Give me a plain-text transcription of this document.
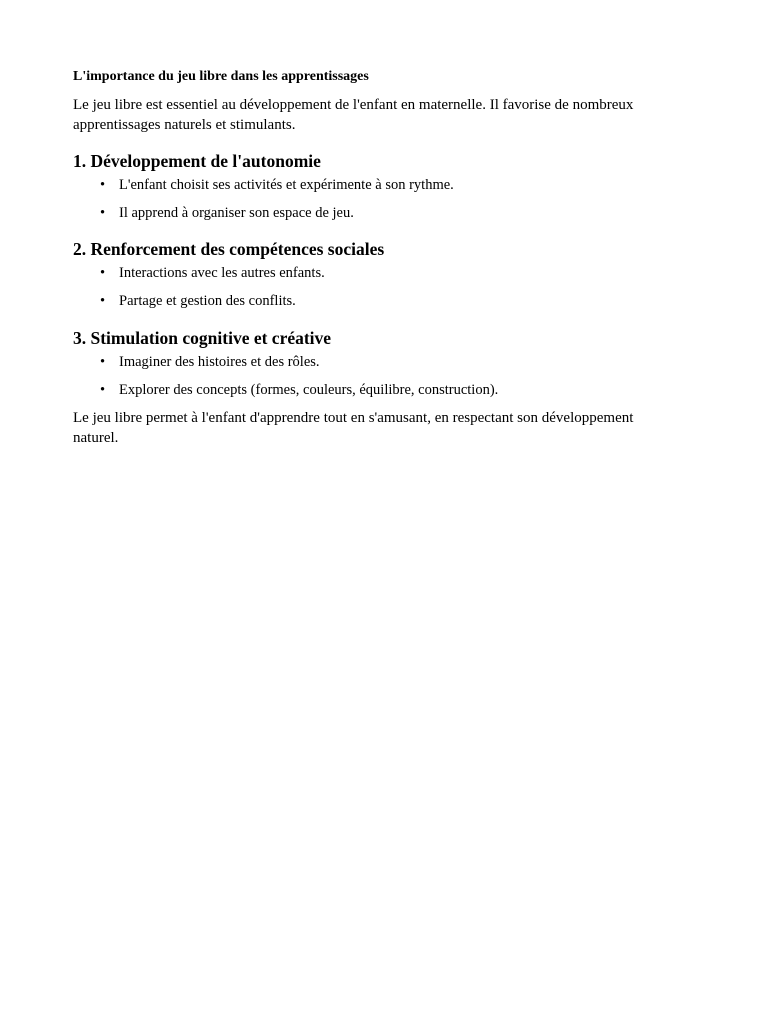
L'importance du jeu libre dans les apprentissages

Le jeu libre est essentiel au développement de l'enfant en maternelle. Il favorise de nombreux apprentissages naturels et stimulants.

1. Développement de l'autonomie
• L'enfant choisit ses activités et expérimente à son rythme.
• Il apprend à organiser son espace de jeu.
2. Renforcement des compétences sociales
• Interactions avec les autres enfants.
• Partage et gestion des conflits.
3. Stimulation cognitive et créative
• Imaginer des histoires et des rôles.
• Explorer des concepts (formes, couleurs, équilibre, construction).

Le jeu libre permet à l'enfant d'apprendre tout en s'amusant, en respectant son développement naturel.
